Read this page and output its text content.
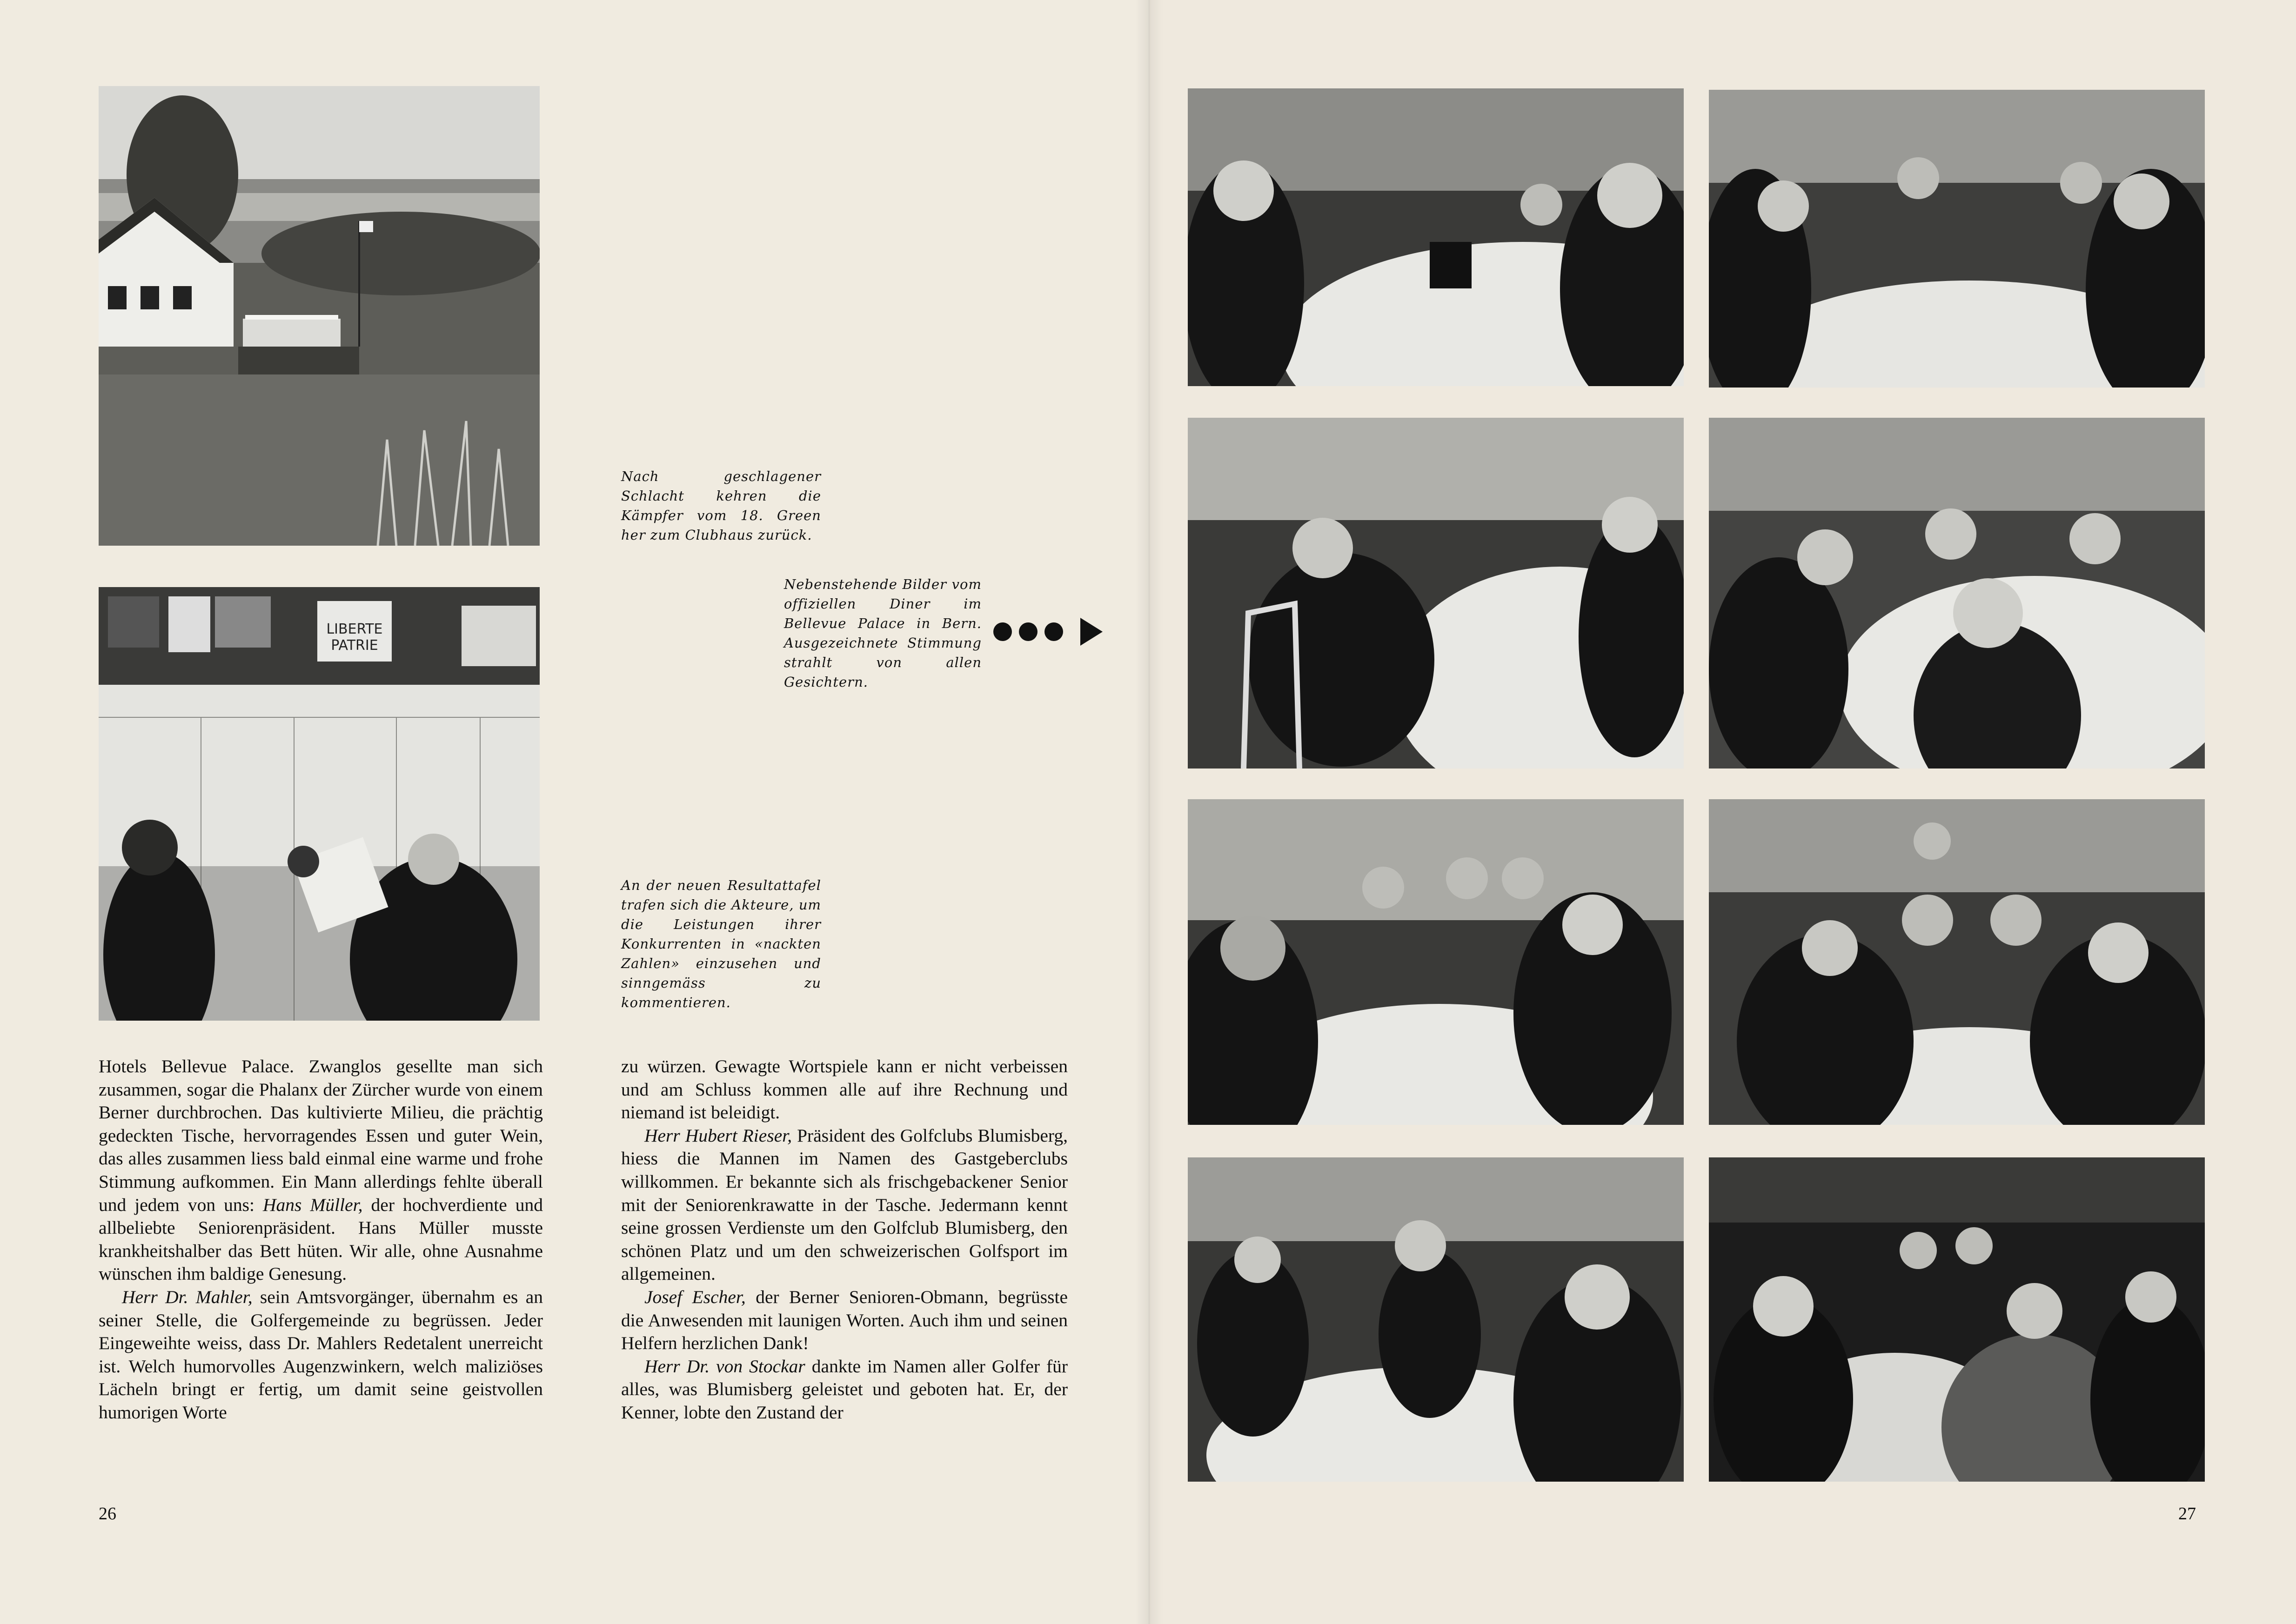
LIBERTE
PATRIE
Nach geschlagener Schlacht kehren die Kämpfer vom 18. Green her zum Clubhaus zurück.
Nebenstehende Bilder vom offiziellen Diner im Bellevue Palace in Bern. Ausgezeichnete Stimmung strahlt von allen Gesichtern.
An der neuen Resultattafel trafen sich die Akteure, um die Leistungen ihrer Konkurrenten in «nackten Zahlen» einzusehen und sinngemäss zu kommentieren.

Hotels Bellevue Palace. Zwanglos gesellte man sich zusammen, sogar die Phalanx der Zürcher wurde von einem Berner durchbrochen. Das kultivierte Milieu, die prächtig gedeckten Tische, hervorragendes Essen und guter Wein, das alles zusammen liess bald einmal eine warme und frohe Stimmung aufkommen. Ein Mann allerdings fehlte überall und jedem von uns: Hans Müller, der hochverdiente und allbeliebte Seniorenpräsident. Hans Müller musste krankheitshalber das Bett hüten. Wir alle, ohne Ausnahme wünschen ihm baldige Genesung.

Herr Dr. Mahler, sein Amtsvorgänger, übernahm es an seiner Stelle, die Golfergemeinde zu begrüssen. Jeder Eingeweihte weiss, dass Dr. Mahlers Redetalent unerreicht ist. Welch humorvolles Augenzwinkern, welch maliziöses Lächeln bringt er fertig, um damit seine geistvollen humorigen Worte

zu würzen. Gewagte Wortspiele kann er nicht verbeissen und am Schluss kommen alle auf ihre Rechnung und niemand ist beleidigt.

Herr Hubert Rieser, Präsident des Golfclubs Blumisberg, hiess die Mannen im Namen des Gastgeberclubs willkommen. Er bekannte sich als frischgebackener Senior mit der Seniorenkrawatte in der Tasche. Jedermann kennt seine grossen Verdienste um den Golfclub Blumisberg, den schönen Platz und um den schweizerischen Golfsport im allgemeinen.

Josef Escher, der Berner Senioren-Obmann, begrüsste die Anwesenden mit launigen Worten. Auch ihm und seinen Helfern herzlichen Dank!

Herr Dr. von Stockar dankte im Namen aller Golfer für alles, was Blumisberg geleistet und geboten hat. Er, der Kenner, lobte den Zustand der

26	27
